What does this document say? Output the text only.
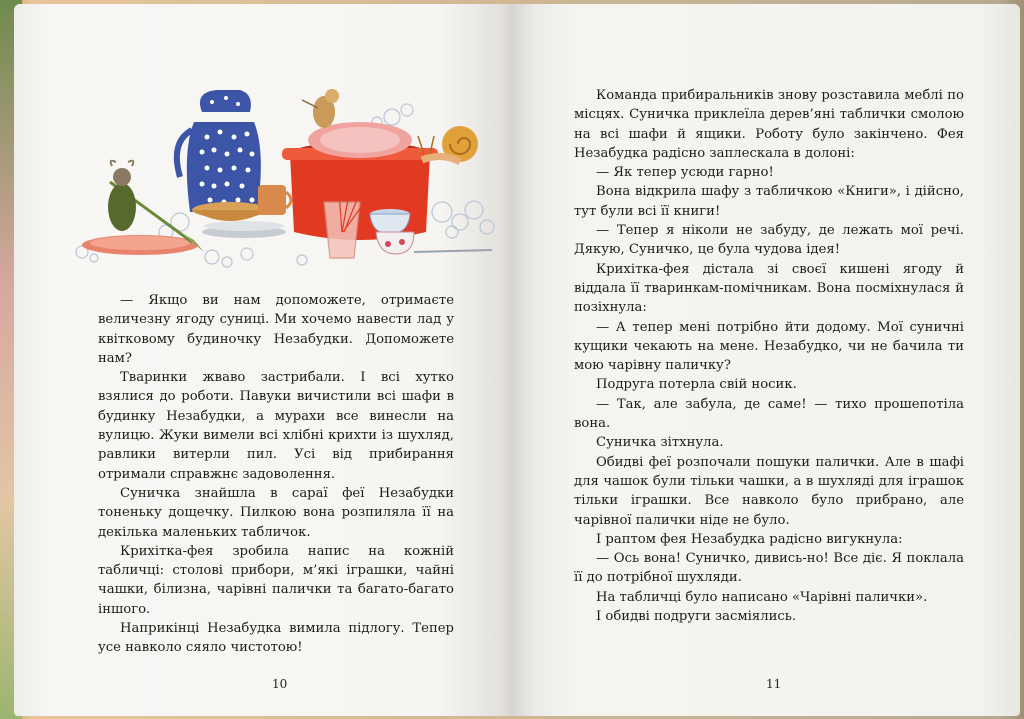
— Якщо ви нам допоможете, отримаєте величезну ягоду суниці. Ми хочемо навести лад у квітковому будиночку Незабудки. Допоможете нам?

Тваринки жваво застрибали. І всі хутко взялися до роботи. Павуки вичистили всі шафи в будинку Незабудки, а мурахи все винесли на вулицю. Жуки вимели всі хлібні крихти із шухляд, равлики витерли пил. Усі від прибирання отримали справжнє задоволення.

Суничка знайшла в сараї феї Незабудки тоненьку дощечку. Пилкою вона розпиляла її на декілька маленьких табличок.

Крихітка-фея зробила напис на кожній табличці: столові прибори, м’які іграшки, чайні чашки, білизна, чарівні палички та багато-багато іншого.

Наприкінці Незабудка вимила підлогу. Тепер усе навколо сяяло чистотою!

10

Команда прибиральників знову розставила меблі по місцях. Суничка приклеїла дерев’яні таблички смолою на всі шафи й ящики. Роботу було закінчено. Фея Незабудка радісно заплескала в долоні:

— Як тепер усюди гарно!

Вона відкрила шафу з табличкою «Книги», і дійсно, тут були всі її книги!

— Тепер я ніколи не забуду, де лежать мої речі. Дякую, Суничко, це була чудова ідея!

Крихітка-фея дістала зі своєї кишені ягоду й віддала її тваринкам-помічникам. Вона посміхнулася й позіхнула:

— А тепер мені потрібно йти додому. Мої суничні кущики чекають на мене. Незабудко, чи не бачила ти мою чарівну паличку?

Подруга потерла свій носик.

— Так, але забула, де саме! — тихо прошепотіла вона.

Суничка зітхнула.

Обидві феї розпочали пошуки палички. Але в шафі для чашок були тільки чашки, а в шухляді для іграшок тільки іграшки. Все навколо було прибрано, але чарівної палички ніде не було.

І раптом фея Незабудка радісно вигукнула:

— Ось вона! Суничко, дивись-но! Все діє. Я поклала її до потрібної шухляди.

На табличці було написано «Чарівні палички».

І обидві подруги засміялись.

11
